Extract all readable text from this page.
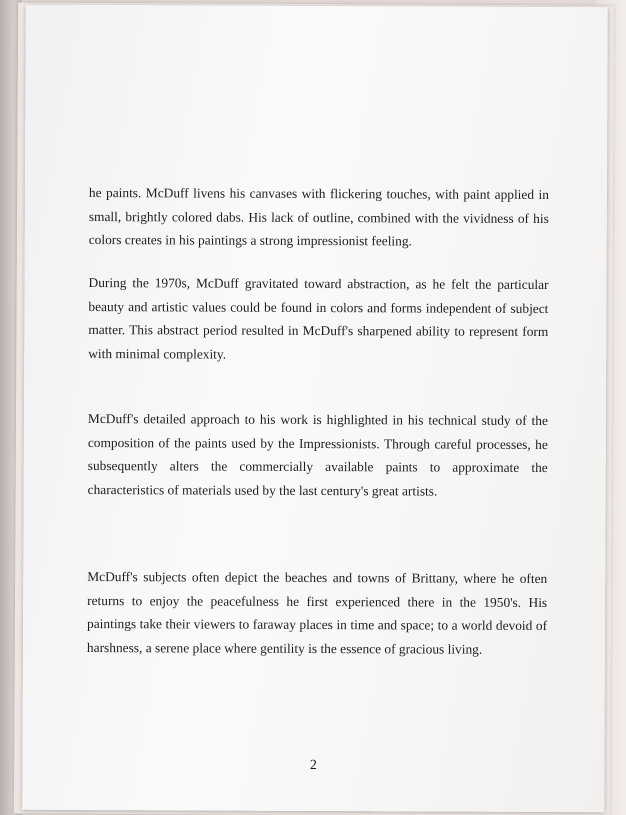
he paints. McDuff livens his canvases with flickering touches, with paint applied in small, brightly colored dabs. His lack of outline, combined with the vividness of his colors creates in his paintings a strong impressionist feeling.

During the 1970s, McDuff gravitated toward abstraction, as he felt the particular beauty and artistic values could be found in colors and forms independent of subject matter. This abstract period resulted in McDuff's sharpened ability to represent form with minimal complexity.

McDuff's detailed approach to his work is highlighted in his technical study of the composition of the paints used by the Impressionists. Through careful processes, he subsequently alters the commercially available paints to approximate the characteristics of materials used by the last century's great artists.

McDuff's subjects often depict the beaches and towns of Brittany, where he often returns to enjoy the peacefulness he first experienced there in the 1950's. His paintings take their viewers to faraway places in time and space; to a world devoid of harshness, a serene place where gentility is the essence of gracious living.

2
